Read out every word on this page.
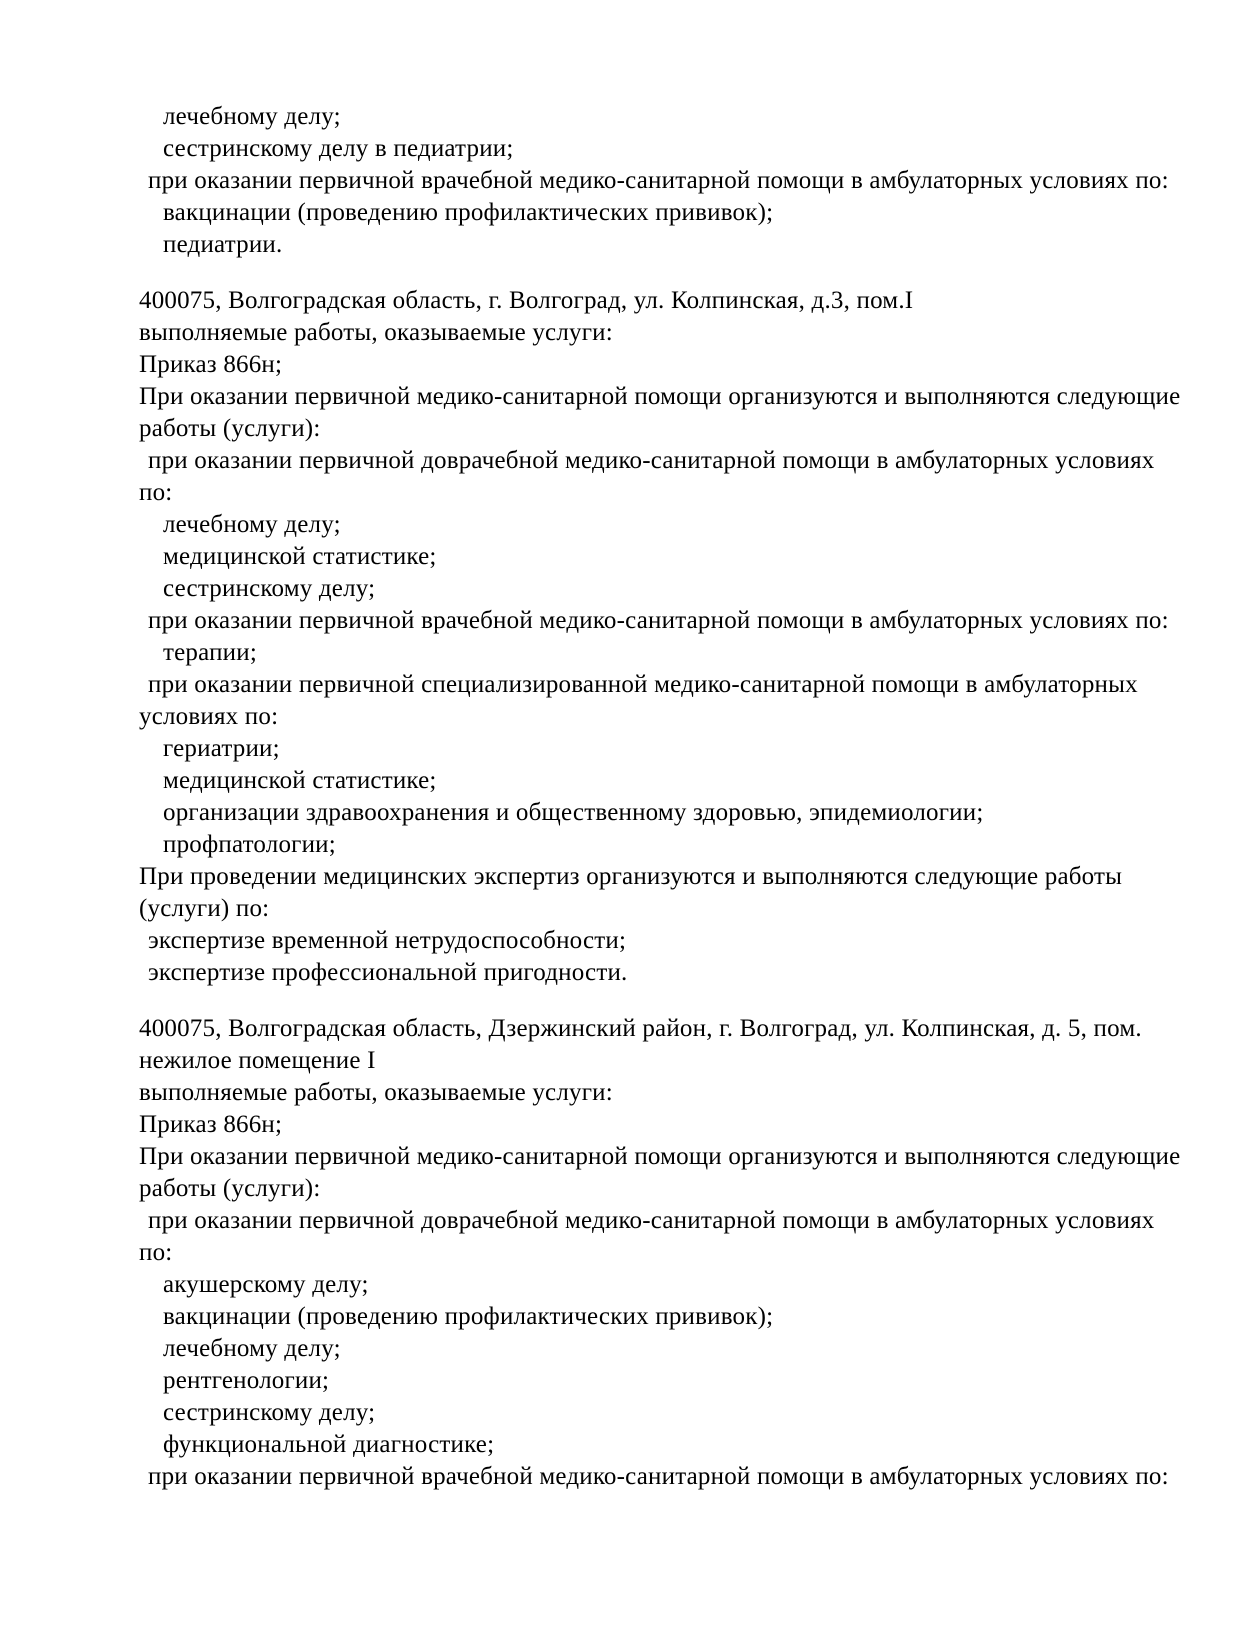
лечебному делу;
сестринскому делу в педиатрии;
при оказании первичной врачебной медико-санитарной помощи в амбулаторных условиях по:
вакцинации (проведению профилактических прививок);
педиатрии.
400075, Волгоградская область, г. Волгоград, ул. Колпинская, д.3, пом.I
выполняемые работы, оказываемые услуги:
Приказ 866н;
При оказании первичной медико-санитарной помощи организуются и выполняются следующие
работы (услуги):
при оказании первичной доврачебной медико-санитарной помощи в амбулаторных условиях
по:
лечебному делу;
медицинской статистике;
сестринскому делу;
при оказании первичной врачебной медико-санитарной помощи в амбулаторных условиях по:
терапии;
при оказании первичной специализированной медико-санитарной помощи в амбулаторных
условиях по:
гериатрии;
медицинской статистике;
организации здравоохранения и общественному здоровью, эпидемиологии;
профпатологии;
При проведении медицинских экспертиз организуются и выполняются следующие работы
(услуги) по:
экспертизе временной нетрудоспособности;
экспертизе профессиональной пригодности.
400075, Волгоградская область, Дзержинский район, г. Волгоград, ул. Колпинская, д. 5, пом.
нежилое помещение I
выполняемые работы, оказываемые услуги:
Приказ 866н;
При оказании первичной медико-санитарной помощи организуются и выполняются следующие
работы (услуги):
при оказании первичной доврачебной медико-санитарной помощи в амбулаторных условиях
по:
акушерскому делу;
вакцинации (проведению профилактических прививок);
лечебному делу;
рентгенологии;
сестринскому делу;
функциональной диагностике;
при оказании первичной врачебной медико-санитарной помощи в амбулаторных условиях по:
